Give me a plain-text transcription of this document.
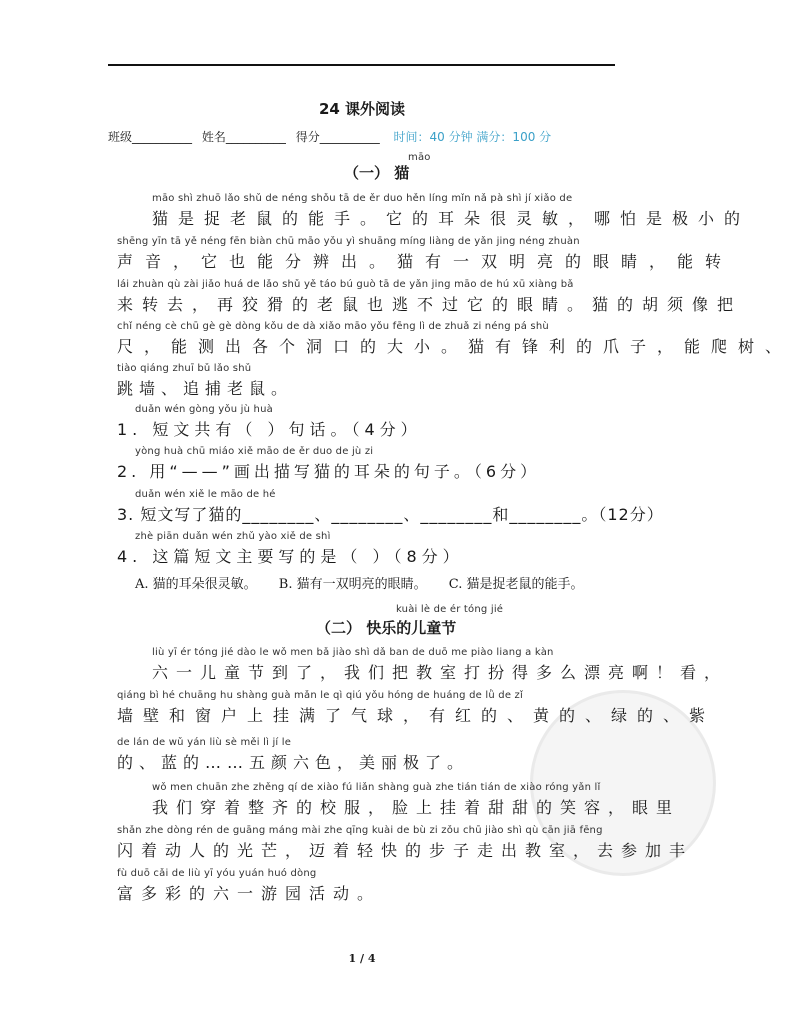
24 课外阅读
班级__________ 姓名__________ 得分__________ 时间：40 分钟 满分：100 分
māo
（一） 猫
māo shì zhuō lǎo shǔ de néng shǒu tā de ěr duo hěn líng mǐn nǎ pà shì jí xiǎo de
猫是捉老鼠的能手。它的耳朵很灵敏，哪怕是极小的
shēng yīn tā yě néng fēn biàn chū māo yǒu yì shuāng míng liàng de yǎn jing néng zhuàn
声音，它也能分辨出。猫有一双明亮的眼睛，能转
lái zhuàn qù zài jiǎo huá de lǎo shǔ yě táo bú guò tā de yǎn jing māo de hú xū xiàng bǎ
来转去，再狡猾的老鼠也逃不过它的眼睛。猫的胡须像把
chǐ néng cè chū gè gè dòng kǒu de dà xiǎo māo yǒu fēng lì de zhuǎ zi néng pá shù
尺，能测出各个洞口的大小。猫有锋利的爪子，能爬树、
tiào qiáng zhuī bǔ lǎo shǔ
跳墙、追捕老鼠。
duǎn wén gòng yǒu jù huà
1. 短文共有（ ）句话。（4分）
yòng huà chū miáo xiě māo de ěr duo de jù zi
2. 用“——”画出描写猫的耳朵的句子。（6分）
duǎn wén xiě le māo de hé
3. 短文写了猫的________、________、________和________。（12分）
zhè piān duǎn wén zhǔ yào xiě de shì
4. 这篇短文主要写的是（ ）（8分）
A. 猫的耳朵很灵敏。 B. 猫有一双明亮的眼睛。 C. 猫是捉老鼠的能手。
kuài lè de ér tóng jié
（二） 快乐的儿童节
liù yī ér tóng jié dào le wǒ men bǎ jiào shì dǎ ban de duō me piào liang a kàn
六一儿童节到了，我们把教室打扮得多么漂亮啊！看，
qiáng bì hé chuāng hu shàng guà mǎn le qì qiú yǒu hóng de huáng de lǜ de zǐ
墙壁和窗户上挂满了气球，有红的、黄的、绿的、紫
de lán de wǔ yán liù sè měi lì jí le
的、蓝的……五颜六色，美丽极了。
wǒ men chuān zhe zhěng qí de xiào fú liǎn shàng guà zhe tián tián de xiào róng yǎn lǐ
我们穿着整齐的校服，脸上挂着甜甜的笑容，眼里
shǎn zhe dòng rén de guāng máng mài zhe qīng kuài de bù zi zǒu chū jiào shì qù cān jiā fēng
闪着动人的光芒，迈着轻快的步子走出教室，去参加丰
fù duō cǎi de liù yī yóu yuán huó dòng
富多彩的六一游园活动。
1 / 4
